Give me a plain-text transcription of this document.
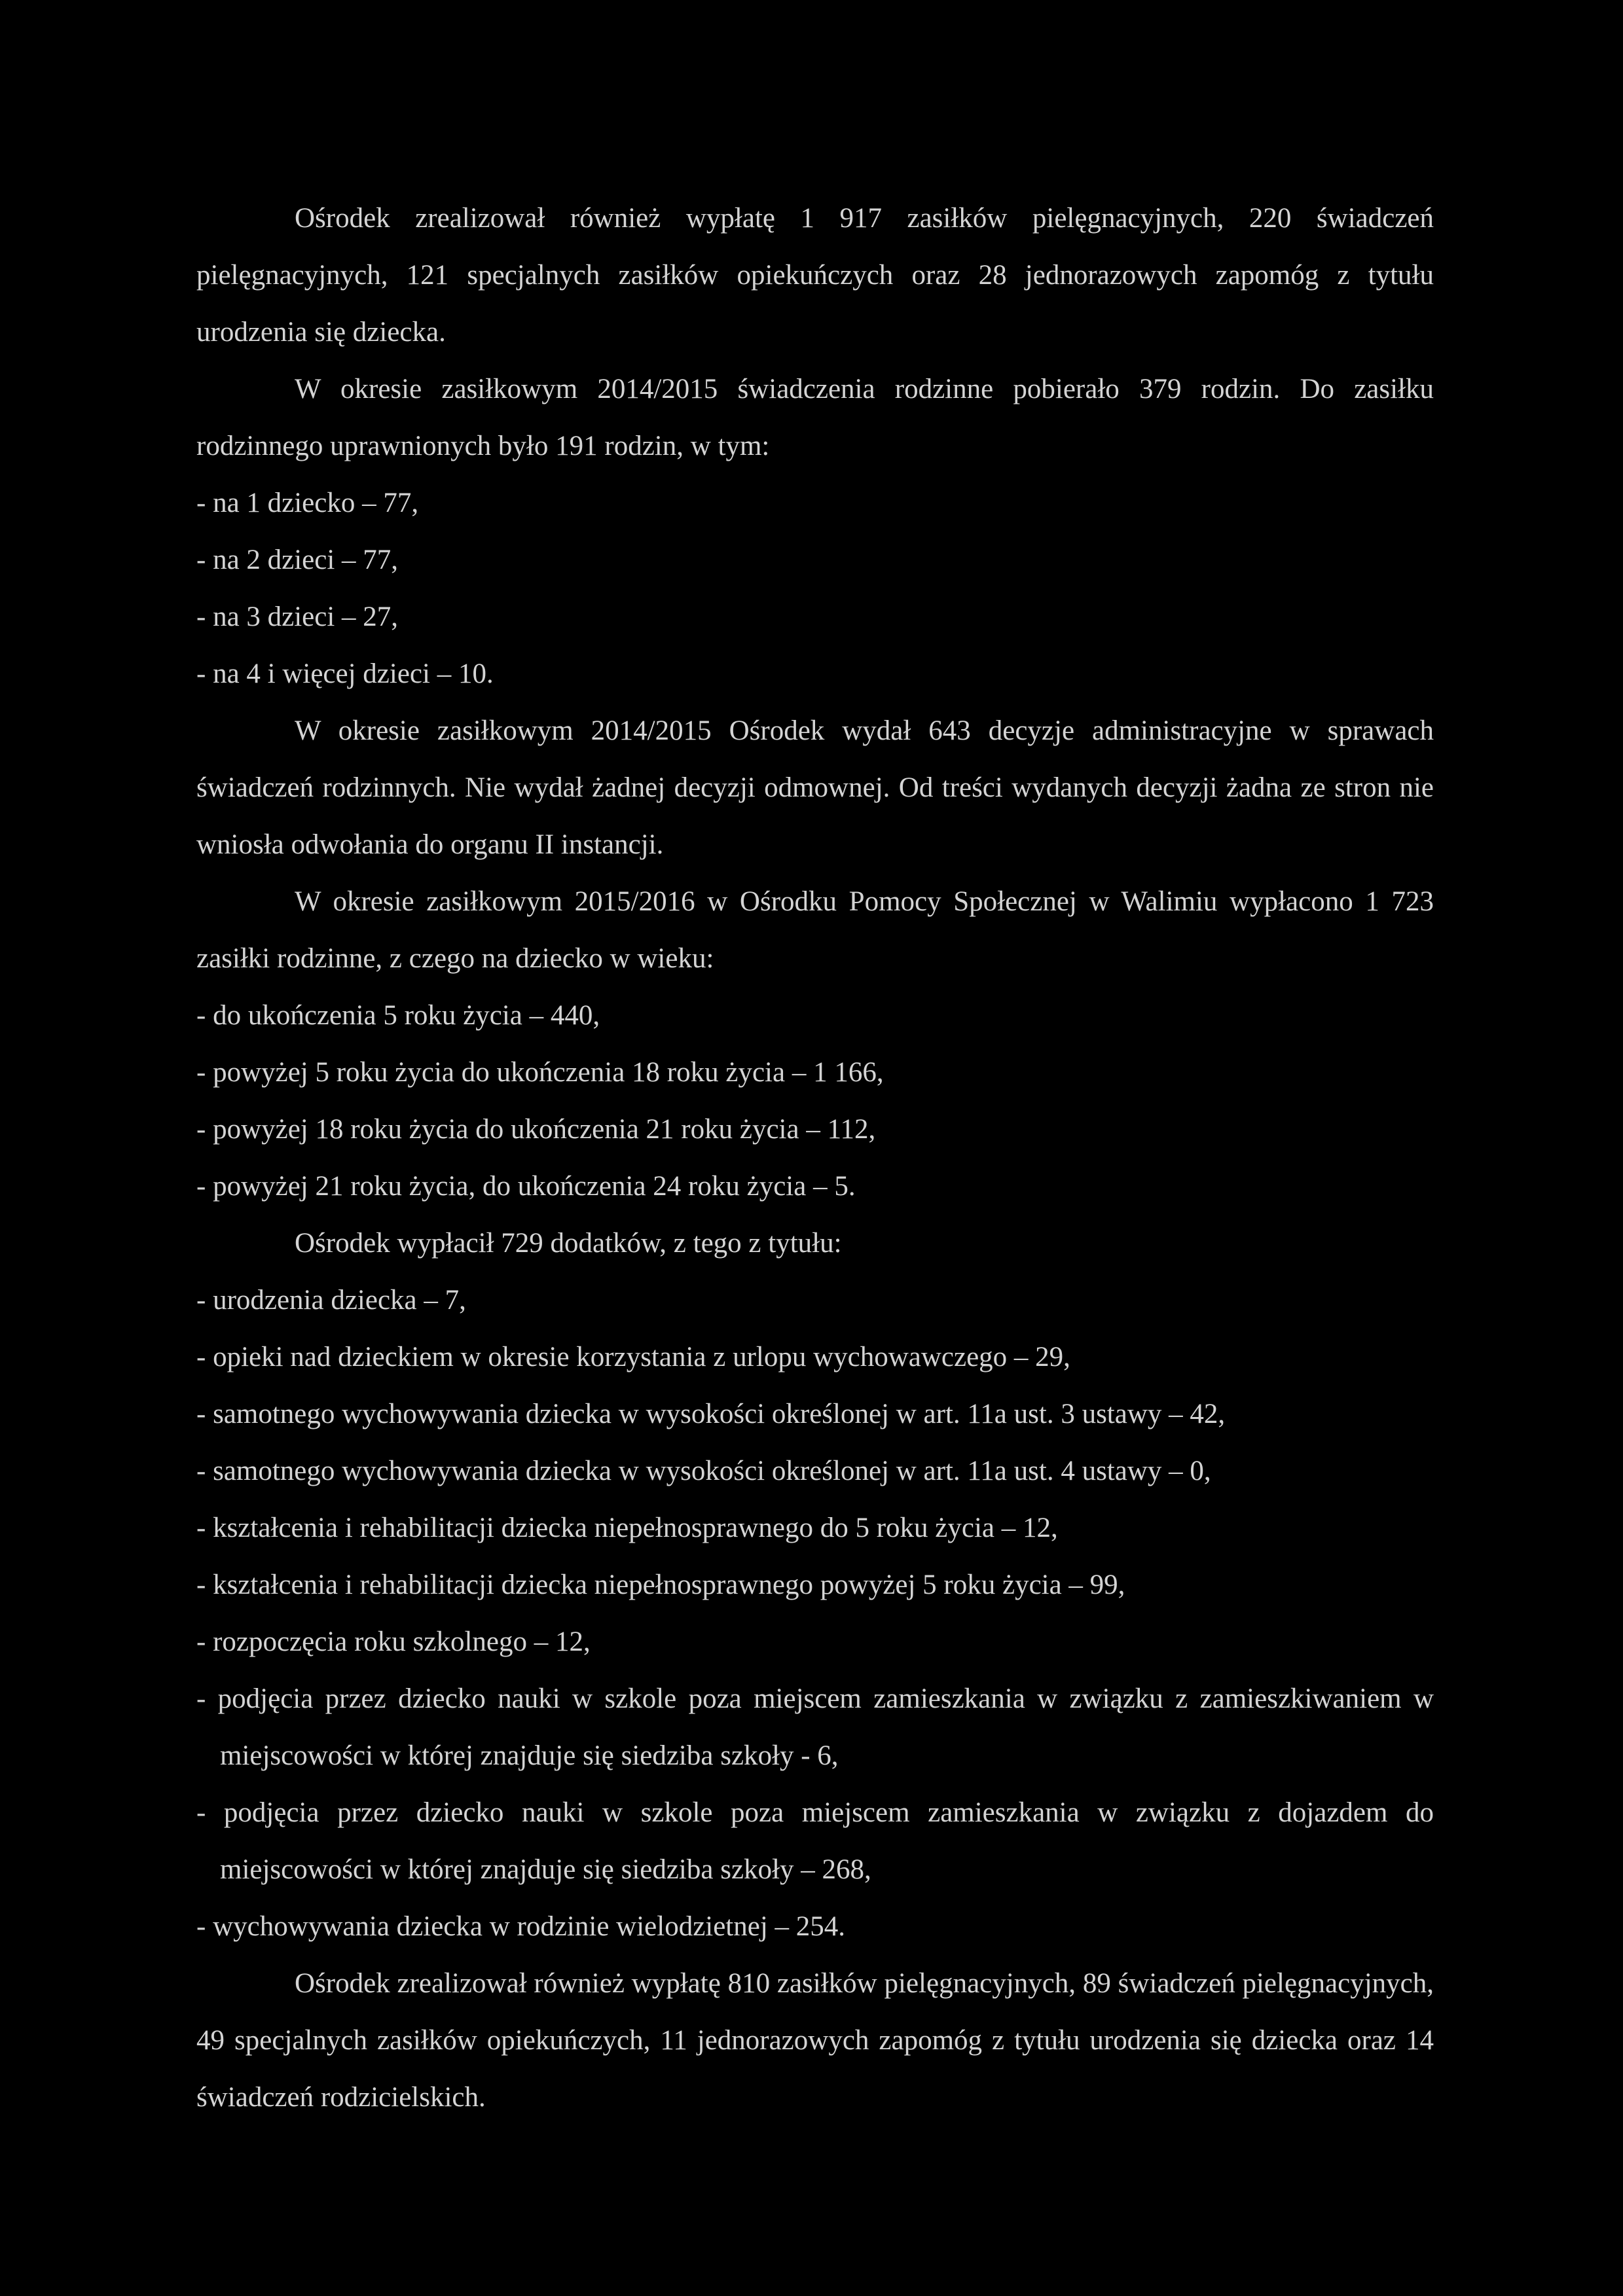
Ośrodek zrealizował również wypłatę 1 917 zasiłków pielęgnacyjnych, 220 świadczeń pielęgnacyjnych, 121 specjalnych zasiłków opiekuńczych oraz 28 jednorazowych zapomóg z tytułu urodzenia się dziecka.

W okresie zasiłkowym 2014/2015 świadczenia rodzinne pobierało 379 rodzin. Do zasiłku rodzinnego uprawnionych było 191 rodzin, w tym:

- na 1 dziecko – 77,

- na 2 dzieci – 77,

- na 3 dzieci – 27,

- na 4 i więcej dzieci – 10.

W okresie zasiłkowym 2014/2015 Ośrodek wydał 643 decyzje administracyjne w sprawach świadczeń rodzinnych. Nie wydał żadnej decyzji odmownej. Od treści wydanych decyzji żadna ze stron nie wniosła odwołania do organu II instancji.

W okresie zasiłkowym 2015/2016 w Ośrodku Pomocy Społecznej w Walimiu wypłacono 1 723 zasiłki rodzinne, z czego na dziecko w wieku:

- do ukończenia 5 roku życia – 440,

- powyżej 5 roku życia do ukończenia 18 roku życia – 1 166,

- powyżej 18 roku życia do ukończenia 21 roku życia – 112,

- powyżej 21 roku życia, do ukończenia 24 roku życia – 5.

Ośrodek wypłacił 729 dodatków, z tego z tytułu:

- urodzenia dziecka – 7,

- opieki nad dzieckiem w okresie korzystania z urlopu wychowawczego – 29,

- samotnego wychowywania dziecka w wysokości określonej w art. 11a ust. 3 ustawy – 42,

- samotnego wychowywania dziecka w wysokości określonej w art. 11a ust. 4 ustawy – 0,

- kształcenia i rehabilitacji dziecka niepełnosprawnego do 5 roku życia – 12,

- kształcenia i rehabilitacji dziecka niepełnosprawnego powyżej 5 roku życia – 99,

- rozpoczęcia roku szkolnego – 12,

- podjęcia przez dziecko nauki w szkole poza miejscem zamieszkania w związku z zamieszkiwaniem w miejscowości w której znajduje się siedziba szkoły - 6,

- podjęcia przez dziecko nauki w szkole poza miejscem zamieszkania w związku z dojazdem do miejscowości w której znajduje się siedziba szkoły – 268,

- wychowywania dziecka w rodzinie wielodzietnej – 254.

Ośrodek zrealizował również wypłatę 810 zasiłków pielęgnacyjnych, 89 świadczeń pielęgnacyjnych, 49 specjalnych zasiłków opiekuńczych, 11 jednorazowych zapomóg z tytułu urodzenia się dziecka oraz 14 świadczeń rodzicielskich.
